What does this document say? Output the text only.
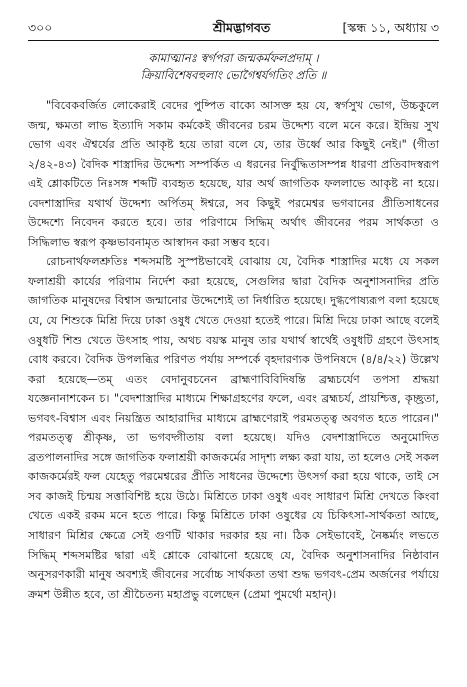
৩০০	শ্রীমদ্ভাগবত	[স্কন্ধ ১১, অধ্যায় ৩
কামাত্মানঃ স্বর্গপরা জন্মকর্মফলপ্রদাম্ ।
ক্রিয়াবিশেষবহুলাং ভোগৈশ্বর্যগতিং প্রতি ॥

"বিবেকবর্জিত লোকেরাই বেদের পুষ্পিত বাক্যে আসক্ত হয় যে, স্বর্গসুখ ভোগ, উচ্চকুলে জন্ম, ক্ষমতা লাভ ইত্যাদি সকাম কর্মকেই জীবনের চরম উদ্দেশ্য বলে মনে করে। ইন্দ্রিয় সুখ ভোগ এবং ঐশ্বর্যের প্রতি আকৃষ্ট হয়ে তারা বলে যে, তার উর্ধ্বে আর কিছুই নেই।" (গীতা ২/৪২-৪৩) বৈদিক শাস্ত্রাদির উদ্দেশ্য সম্পর্কিত এ ধরনের নির্বুদ্ধিতাসম্পন্ন ধারণা প্রতিবাদস্বরূপ এই শ্লোকটিতে নিঃসঙ্গ শব্দটি ব্যবহৃত হয়েছে, যার অর্থ জাগতিক ফললাভে আকৃষ্ট না হয়ে। বেদশাস্ত্রাদির যথার্থ উদ্দেশ্য অর্পিতম্ ঈশ্বরে, সব কিছুই পরমেশ্বর ভগবানের প্রীতিসাধনের উদ্দেশ্যে নিবেদন করতে হবে। তার পরিণামে সিদ্ধিম্ অর্থাৎ জীবনের পরম সার্থকতা ও সিদ্ধিলাভ স্বরূপ কৃষ্ণভাবনামৃত আস্বাদন করা সম্ভব হবে।

রোচনার্থফলশ্রুতিঃ শব্দসমষ্টি সুস্পষ্টভাবেই বোঝায় যে, বৈদিক শাস্ত্রাদির মধ্যে যে সকল ফলাশ্রয়ী কার্যের পরিণাম নির্দেশ করা হয়েছে, সেগুলির দ্বারা বৈদিক অনুশাসনাদির প্রতি জাগতিক মানুষদের বিশ্বাস জন্মানোর উদ্দেশ্যেই তা নির্ধারিত হয়েছে। দুগ্ধপোষ্যরূপ বলা হয়েছে যে, যে শিশুকে মিশ্রি দিয়ে ঢাকা ওষুধ খেতে দেওয়া হতেই পারে। মিশ্রি দিয়ে ঢাকা আছে বলেই ওষুধটি শিশু খেতে উৎসাহ পায়, অথচ বয়স্ক মানুষ তার যথার্থ স্বার্থেই ওষুধটি গ্রহণে উৎসাহ বোধ করবে। বৈদিক উপলব্ধির পরিণত পর্যায় সম্পর্কে বৃহদারণ্যক উপনিষদে (৪/৪/২২) উল্লেখ করা হয়েছে—তম্ এতং বেদানুবচনেন ব্রাহ্মণাবিবিদিষন্তি ব্রহ্মচর্যেণ তপসা শ্রদ্ধয়া যজ্ঞেনানাশকেন চ। "বেদশাস্ত্রাদির মাধ্যমে শিক্ষাগ্রহণের ফলে, এবং ব্রহ্মচর্য, প্রায়শ্চিত্ত, কৃচ্ছ্রতা, ভগবৎ-বিশ্বাস এবং নিয়ন্ত্রিত আহারাদির মাধ্যমে ব্রাহ্মণেরাই পরমতত্ত্ব অবগত হতে পারেন।" পরমতত্ত্ব শ্রীকৃষ্ণ, তা ভগবদ্গীতায় বলা হয়েছে। যদিও বেদশাস্ত্রাদিতে অনুমোদিত ব্রতপালনাদির সঙ্গে জাগতিক ফলাশ্রয়ী কাজকর্মের সাদৃশ্য লক্ষ্য করা যায়, তা হলেও সেই সকল কাজকর্মেরই ফল যেহেতু পরমেশ্বরের প্রীতি সাধনের উদ্দেশ্যে উৎসর্গ করা হয়ে থাকে, তাই সে সব কাজই চিন্ময় সত্তাবিশিষ্ট হয়ে উঠে। মিশ্রিতে ঢাকা ওষুধ এবং সাধারণ মিশ্রি দেখতে কিংবা খেতে একই রকম মনে হতে পারে। কিন্তু মিশ্রিতে ঢাকা ওষুধের যে চিকিৎসা-সার্থকতা আছে, সাধারণ মিশ্রির ক্ষেত্রে সেই গুণটি থাকার দরকার হয় না। ঠিক সেইভাবেই, নৈষ্কর্ম্যং লভতে সিদ্ধিম্ শব্দসমষ্টির দ্বারা এই শ্লোকে বোঝানো হয়েছে যে, বৈদিক অনুশাসনাদির নিষ্ঠাবান অনুসরণকারী মানুষ অবশ্যই জীবনের সর্বোচ্চ সার্থকতা তথা শুদ্ধ ভগবৎ-প্রেম অর্জনের পর্যায়ে ক্রমশ উন্নীত হবে, তা শ্রীচৈতন্য মহাপ্রভু বলেছেন (প্রেমা পুমর্থো মহান্)।
